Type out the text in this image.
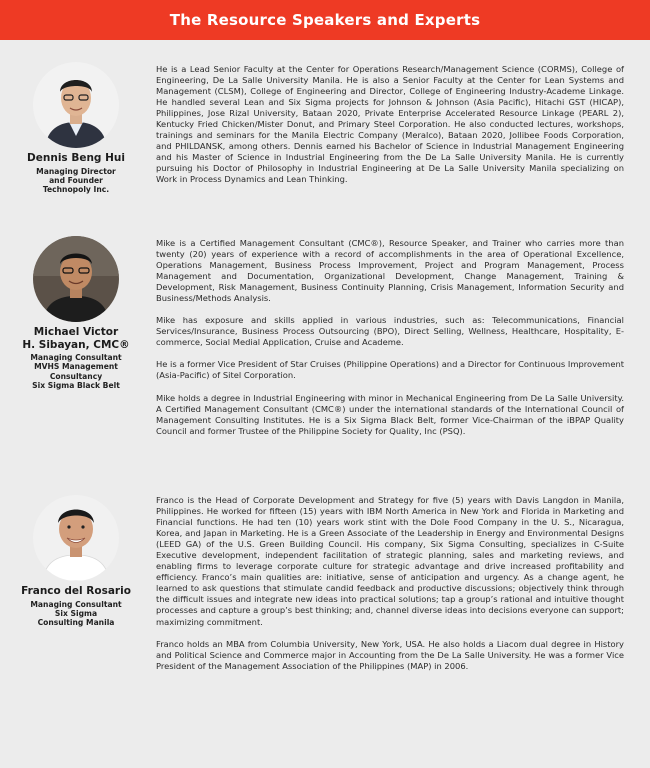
The Resource Speakers and Experts
Dennis Beng Hui
Managing Director
and Founder
Technopoly Inc.

He is a Lead Senior Faculty at the Center for Operations Research/Management Science (CORMS), College of Engineering, De La Salle University Manila. He is also a Senior Faculty at the Center for Lean Systems and Management (CLSM), College of Engineering and Director, College of Engineering Industry-Academe Linkage. He handled several Lean and Six Sigma projects for Johnson & Johnson (Asia Pacific), Hitachi GST (HICAP), Philippines, Jose Rizal University, Bataan 2020, Private Enterprise Accelerated Resource Linkage (PEARL 2), Kentucky Fried Chicken/Mister Donut, and Primary Steel Corporation. He also conducted lectures, workshops, trainings and seminars for the Manila Electric Company (Meralco), Bataan 2020, Jollibee Foods Corporation, and PHILDANSK, among others. Dennis earned his Bachelor of Science in Industrial Management Engineering and his Master of Science in Industrial Engineering from the De La Salle University Manila. He is currently pursuing his Doctor of Philosophy in Industrial Engineering at De La Salle University Manila specializing on Work in Process Dynamics and Lean Thinking.

Michael Victor
H. Sibayan, CMC®
Managing Consultant
MVHS Management
Consultancy
Six Sigma Black Belt

Mike is a Certified Management Consultant (CMC®), Resource Speaker, and Trainer who carries more than twenty (20) years of experience with a record of accomplishments in the area of Operational Excellence, Operations Management, Business Process Improvement, Project and Program Management, Process Management and Documentation, Organizational Development, Change Management, Training & Development, Risk Management, Business Continuity Planning, Crisis Management, Information Security and Business/Methods Analysis.

Mike has exposure and skills applied in various industries, such as: Telecommunications, Financial Services/Insurance, Business Process Outsourcing (BPO), Direct Selling, Wellness, Healthcare, Hospitality, E-commerce, Social Medial Application, Cruise and Academe.

He is a former Vice President of Star Cruises (Philippine Operations) and a Director for Continuous Improvement (Asia-Pacific) of Sitel Corporation.

Mike holds a degree in Industrial Engineering with minor in Mechanical Engineering from De La Salle University. A Certified Management Consultant (CMC®) under the international standards of the International Council of Management Consulting Institutes. He is a Six Sigma Black Belt, former Vice-Chairman of the iBPAP Quality Council and former Trustee of the Philippine Society for Quality, Inc (PSQ).

Franco del Rosario
Managing Consultant
Six Sigma
Consulting Manila

Franco is the Head of Corporate Development and Strategy for five (5) years with Davis Langdon in Manila, Philippines. He worked for fifteen (15) years with IBM North America in New York and Florida in Marketing and Financial functions. He had ten (10) years work stint with the Dole Food Company in the U. S., Nicaragua, Korea, and Japan in Marketing. He is a Green Associate of the Leadership in Energy and Environmental Designs (LEED GA) of the U.S. Green Building Council. His company, Six Sigma Consulting, specializes in C-Suite Executive development, independent facilitation of strategic planning, sales and marketing reviews, and enabling firms to leverage corporate culture for strategic advantage and drive increased profitability and efficiency. Franco’s main qualities are: initiative, sense of anticipation and urgency. As a change agent, he learned to ask questions that stimulate candid feedback and productive discussions; objectively think through the difficult issues and integrate new ideas into practical solutions; tap a group’s rational and intuitive thought processes and capture a group’s best thinking; and, channel diverse ideas into decisions everyone can support; maximizing commitment.

Franco holds an MBA from Columbia University, New York, USA. He also holds a Liacom dual degree in History and Political Science and Commerce major in Accounting from the De La Salle University. He was a former Vice President of the Management Association of the Philippines (MAP) in 2006.
